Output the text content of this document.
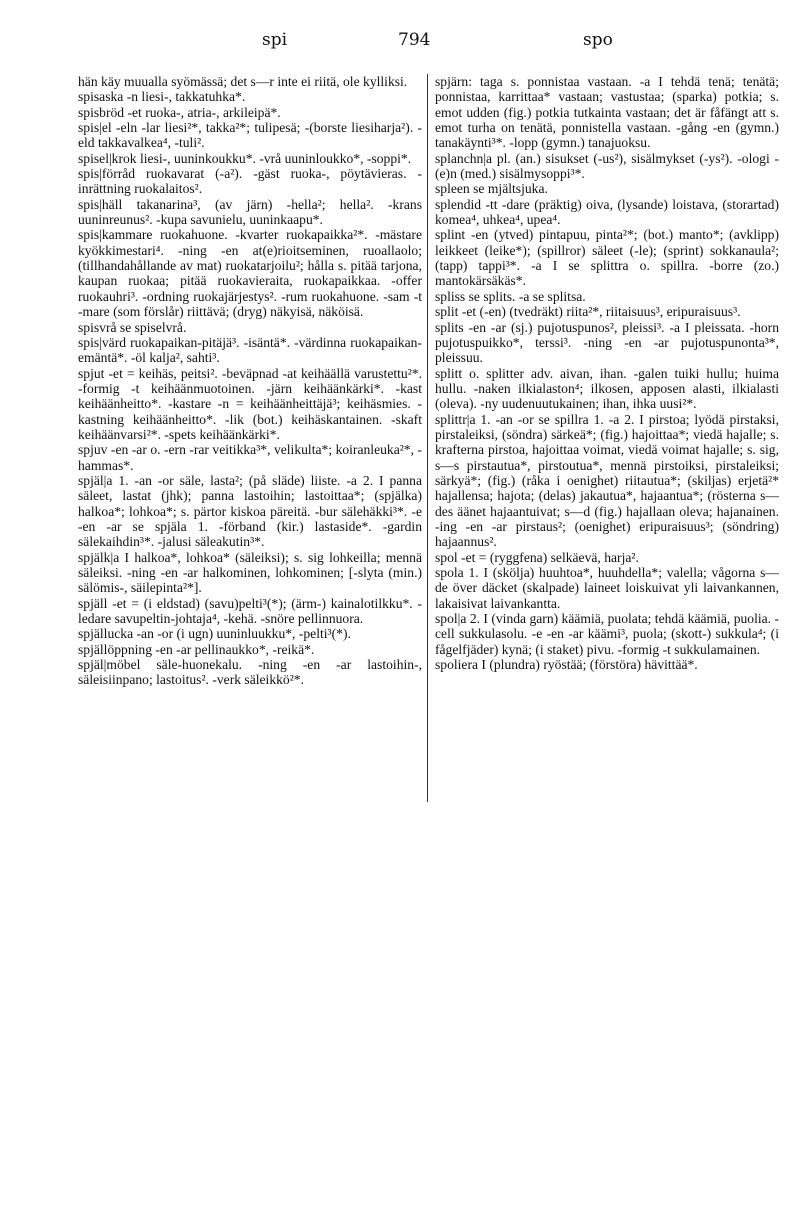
spi	794	spo

hän käy muualla syömässä; det s—r inte ei riitä, ole kylliksi.

spisaska -n liesi-, takkatuhka*.

spisbröd -et ruoka-, atria-, arkileipä*.

spis|el -eln -lar liesi²*, takka²*; tulipesä; -(borste liesiharja²). -eld takkavalkea⁴, -tuli².

spisel|krok liesi-, uuninkoukku*. -vrå uuninloukko*, -soppi*.

spis|förråd ruokavarat (-a²). -gäst ruoka-, pöytävieras. -inrättning ruokalaitos².

spis|häll takanarina³, (av järn) -hella²; hella². -krans uuninreunus². -kupa savunielu, uuninkaapu*.

spis|kammare ruokahuone. -kvarter ruokapaikka²*. -mästare kyökkimestari⁴. -ning -en at(e)rioitseminen, ruoallaolo; (tillhandahållande av mat) ruokatarjoilu²; hålla s. pitää tarjona, kaupan ruokaa; pitää ruokavieraita, ruokapaikkaa. -offer ruokauhri³. -ordning ruokajärjestys². -rum ruokahuone. -sam -t -mare (som förslår) riittävä; (dryg) näkyisä, näköisä.

spisvrå se spiselvrå.

spis|värd ruokapaikan-pitäjä³. -isäntä*. -värdinna ruokapaikan-emäntä*. -öl kalja², sahti³.

spjut -et = keihäs, peitsi². -beväpnad -at keihäällä varustettu²*. -formig -t keihäänmuotoinen. -järn keihäänkärki*. -kast keihäänheitto*. -kastare -n = keihäänheittäjä³; keihäsmies. -kastning keihäänheitto*. -lik (bot.) keihäskantainen. -skaft keihäänvarsi²*. -spets keihäänkärki*.

spjuv -en -ar o. -ern -rar veitikka³*, velikulta*; koiranleuka²*, -hammas*.

spjäl|a 1. -an -or säle, lasta²; (på släde) liiste. -a 2. I panna säleet, lastat (jhk); panna lastoihin; lastoittaa*; (spjälka) halkoa*; lohkoa*; s. pärtor kiskoa päreitä. -bur sälehäkki³*. -e -en -ar se spjäla 1. -förband (kir.) lastaside*. -gardin sälekaihdin³*. -jalusi säleakutin³*.

spjälk|a I halkoa*, lohkoa* (säleiksi); s. sig lohkeilla; mennä säleiksi. -ning -en -ar halkominen, lohkominen; [-slyta (min.) sälömis-, säilepinta²*].

spjäll -et = (i eldstad) (savu)pelti³(*); (ärm-) kainalotilkku*. -ledare savupeltin-johtaja⁴, -kehä. -snöre pellinnuora.

spjällucka -an -or (i ugn) uuninluukku*, -pelti³(*).

spjällöppning -en -ar pellinaukko*, -reikä*.

spjäl|möbel säle-huonekalu. -ning -en -ar lastoihin-, säleisiinpano; lastoitus². -verk säleikkö²*.

spjärn: taga s. ponnistaa vastaan. -a I tehdä tenä; tenätä; ponnistaa, karrittaa* vastaan; vastustaa; (sparka) potkia; s. emot udden (fig.) potkia tutkainta vastaan; det är fåfängt att s. emot turha on tenätä, ponnistella vastaan. -gång -en (gymn.) tanakäynti³*. -lopp (gymn.) tanajuoksu.

splanchn|a pl. (an.) sisukset (-us²), sisälmykset (-ys²). -ologi -(e)n (med.) sisälmysoppi³*.

spleen se mjältsjuka.

splendid -tt -dare (präktig) oiva, (lysande) loistava, (storartad) komea⁴, uhkea⁴, upea⁴.

splint -en (ytved) pintapuu, pinta²*; (bot.) manto*; (avklipp) leikkeet (leike*); (spillror) säleet (-le); (sprint) sokkanaula²; (tapp) tappi³*. -a I se splittra o. spillra. -borre (zo.) mantokärsäkäs*.

spliss se splits. -a se splitsa.

split -et (-en) (tvedräkt) riita²*, riitaisuus³, eripuraisuus³.

splits -en -ar (sj.) pujotuspunos², pleissi³. -a I pleissata. -horn pujotuspuikko*, terssi³. -ning -en -ar pujotuspunonta³*, pleissuu.

splitt o. splitter adv. aivan, ihan. -galen tuiki hullu; huima hullu. -naken ilkialaston⁴; ilkosen, apposen alasti, ilkialasti (oleva). -ny uudenuutukainen; ihan, ihka uusi²*.

splittr|a 1. -an -or se spillra 1. -a 2. I pirstoa; lyödä pirstaksi, pirstaleiksi, (söndra) särkeä*; (fig.) hajoittaa*; viedä hajalle; s. krafterna pirstoa, hajoittaa voimat, viedä voimat hajalle; s. sig, s—s pirstautua*, pirstoutua*, mennä pirstoiksi, pirstaleiksi; särkyä*; (fig.) (råka i oenighet) riitautua*; (skiljas) erjetä²* hajallensa; hajota; (delas) jakautua*, hajaantua*; (rösterna s—des äänet hajaantuivat; s—d (fig.) hajallaan oleva; hajanainen. -ing -en -ar pirstaus²; (oenighet) eripuraisuus³; (söndring) hajaannus².

spol -et = (ryggfena) selkäevä, harja².

spola 1. I (skölja) huuhtoa*, huuhdella*; valella; vågorna s—de över däcket (skalpade) laineet loiskuivat yli laivankannen, lakaisivat laivankantta.

spol|a 2. I (vinda garn) käämiä, puolata; tehdä käämiä, puolia. -cell sukkulasolu. -e -en -ar käämi³, puola; (skott-) sukkula⁴; (i fågelfjäder) kynä; (i staket) pivu. -formig -t sukkulamainen.

spoliera I (plundra) ryöstää; (förstöra) hävittää*.
